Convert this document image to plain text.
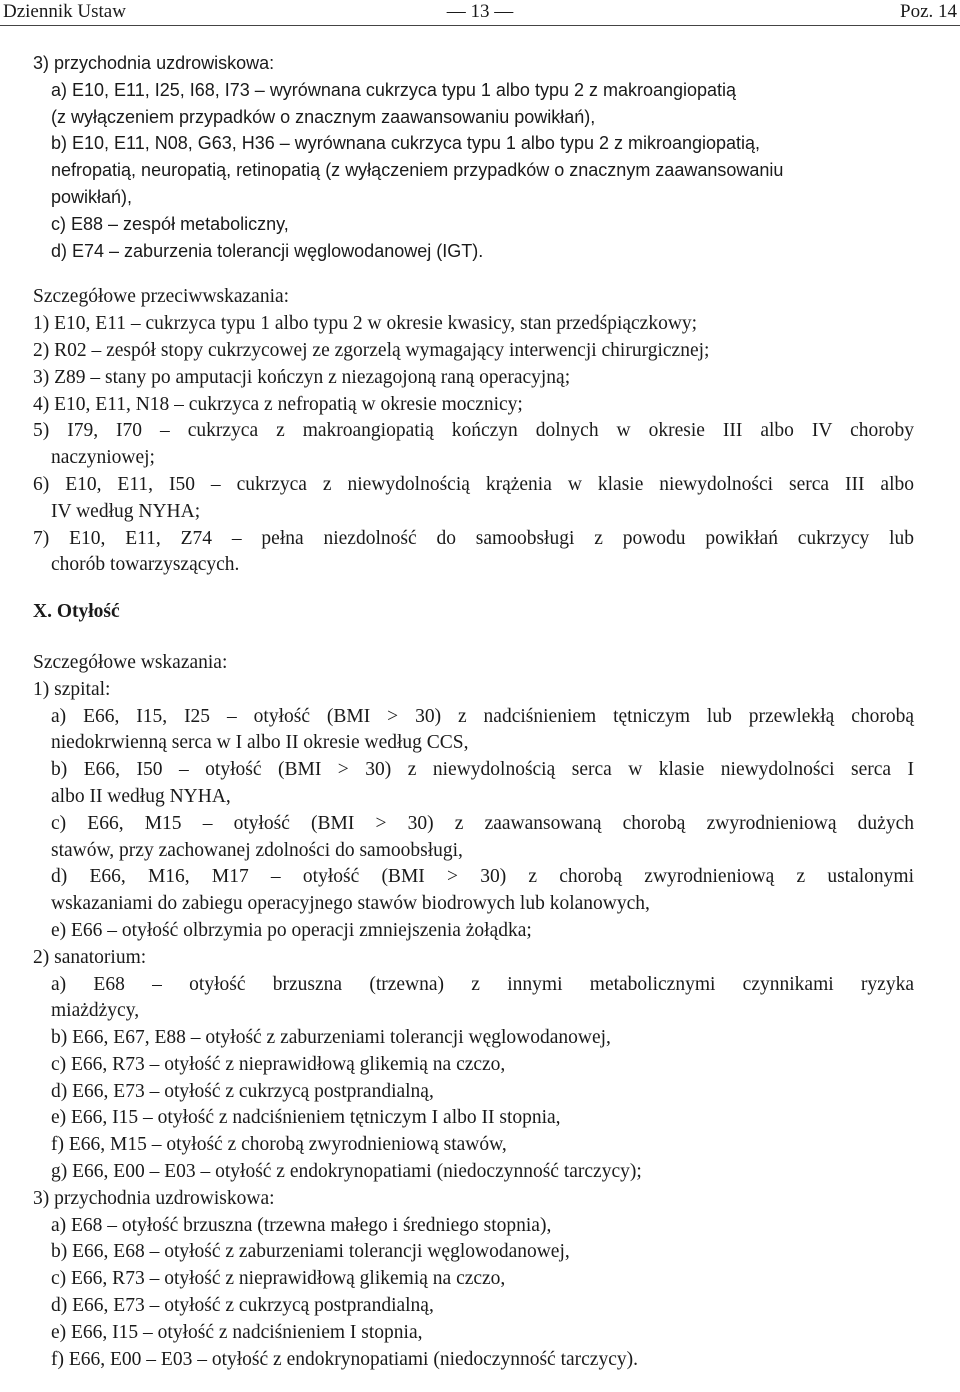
Dziennik Ustaw	— 13 —	Poz. 14

3) przychodnia uzdrowiskowa:

a) E10, E11, I25, I68, I73 – wyrównana cukrzyca typu 1 albo typu 2 z makroangiopatią

(z wyłączeniem przypadków o znacznym zaawansowaniu powikłań),

b) E10, E11, N08, G63, H36 – wyrównana cukrzyca typu 1 albo typu 2 z mikroangiopatią,

nefropatią, neuropatią, retinopatią (z wyłączeniem przypadków o znacznym zaawansowaniu

powikłań),

c) E88 – zespół metaboliczny,

d) E74 – zaburzenia tolerancji węglowodanowej (IGT).

Szczegółowe przeciwwskazania:

1) E10, E11 – cukrzyca typu 1 albo typu 2 w okresie kwasicy, stan przedśpiączkowy;

2) R02 – zespół stopy cukrzycowej ze zgorzelą wymagający interwencji chirurgicznej;

3) Z89 – stany po amputacji kończyn z niezagojoną raną operacyjną;

4) E10, E11, N18 – cukrzyca z nefropatią w okresie mocznicy;

5) I79, I70 – cukrzyca z makroangiopatią kończyn dolnych w okresie III albo IV choroby

naczyniowej;

6) E10, E11, I50 – cukrzyca z niewydolnością krążenia w klasie niewydolności serca III albo

IV według NYHA;

7) E10, E11, Z74 – pełna niezdolność do samoobsługi z powodu powikłań cukrzycy lub

chorób towarzyszących.

X. Otyłość

Szczegółowe wskazania:

1) szpital:

a) E66, I15, I25 – otyłość (BMI > 30) z nadciśnieniem tętniczym lub przewlekłą chorobą

niedokrwienną serca w I albo II okresie według CCS,

b) E66, I50 – otyłość (BMI > 30) z niewydolnością serca w klasie niewydolności serca I

albo II według NYHA,

c) E66, M15 – otyłość (BMI > 30) z zaawansowaną chorobą zwyrodnieniową dużych

stawów, przy zachowanej zdolności do samoobsługi,

d) E66, M16, M17 – otyłość (BMI > 30) z chorobą zwyrodnieniową z ustalonymi

wskazaniami do zabiegu operacyjnego stawów biodrowych lub kolanowych,

e) E66 – otyłość olbrzymia po operacji zmniejszenia żołądka;

2) sanatorium:

a) E68 – otyłość brzuszna (trzewna) z innymi metabolicznymi czynnikami ryzyka

miażdżycy,

b) E66, E67, E88 – otyłość z zaburzeniami tolerancji węglowodanowej,

c) E66, R73 – otyłość z nieprawidłową glikemią na czczo,

d) E66, E73 – otyłość z cukrzycą postprandialną,

e) E66, I15 – otyłość z nadciśnieniem tętniczym I albo II stopnia,

f) E66, M15 – otyłość z chorobą zwyrodnieniową stawów,

g) E66, E00 – E03 – otyłość z endokrynopatiami (niedoczynność tarczycy);

3) przychodnia uzdrowiskowa:

a) E68 – otyłość brzuszna (trzewna małego i średniego stopnia),

b) E66, E68 – otyłość z zaburzeniami tolerancji węglowodanowej,

c) E66, R73 – otyłość z nieprawidłową glikemią na czczo,

d) E66, E73 – otyłość z cukrzycą postprandialną,

e) E66, I15 – otyłość z nadciśnieniem I stopnia,

f) E66, E00 – E03 – otyłość z endokrynopatiami (niedoczynność tarczycy).
